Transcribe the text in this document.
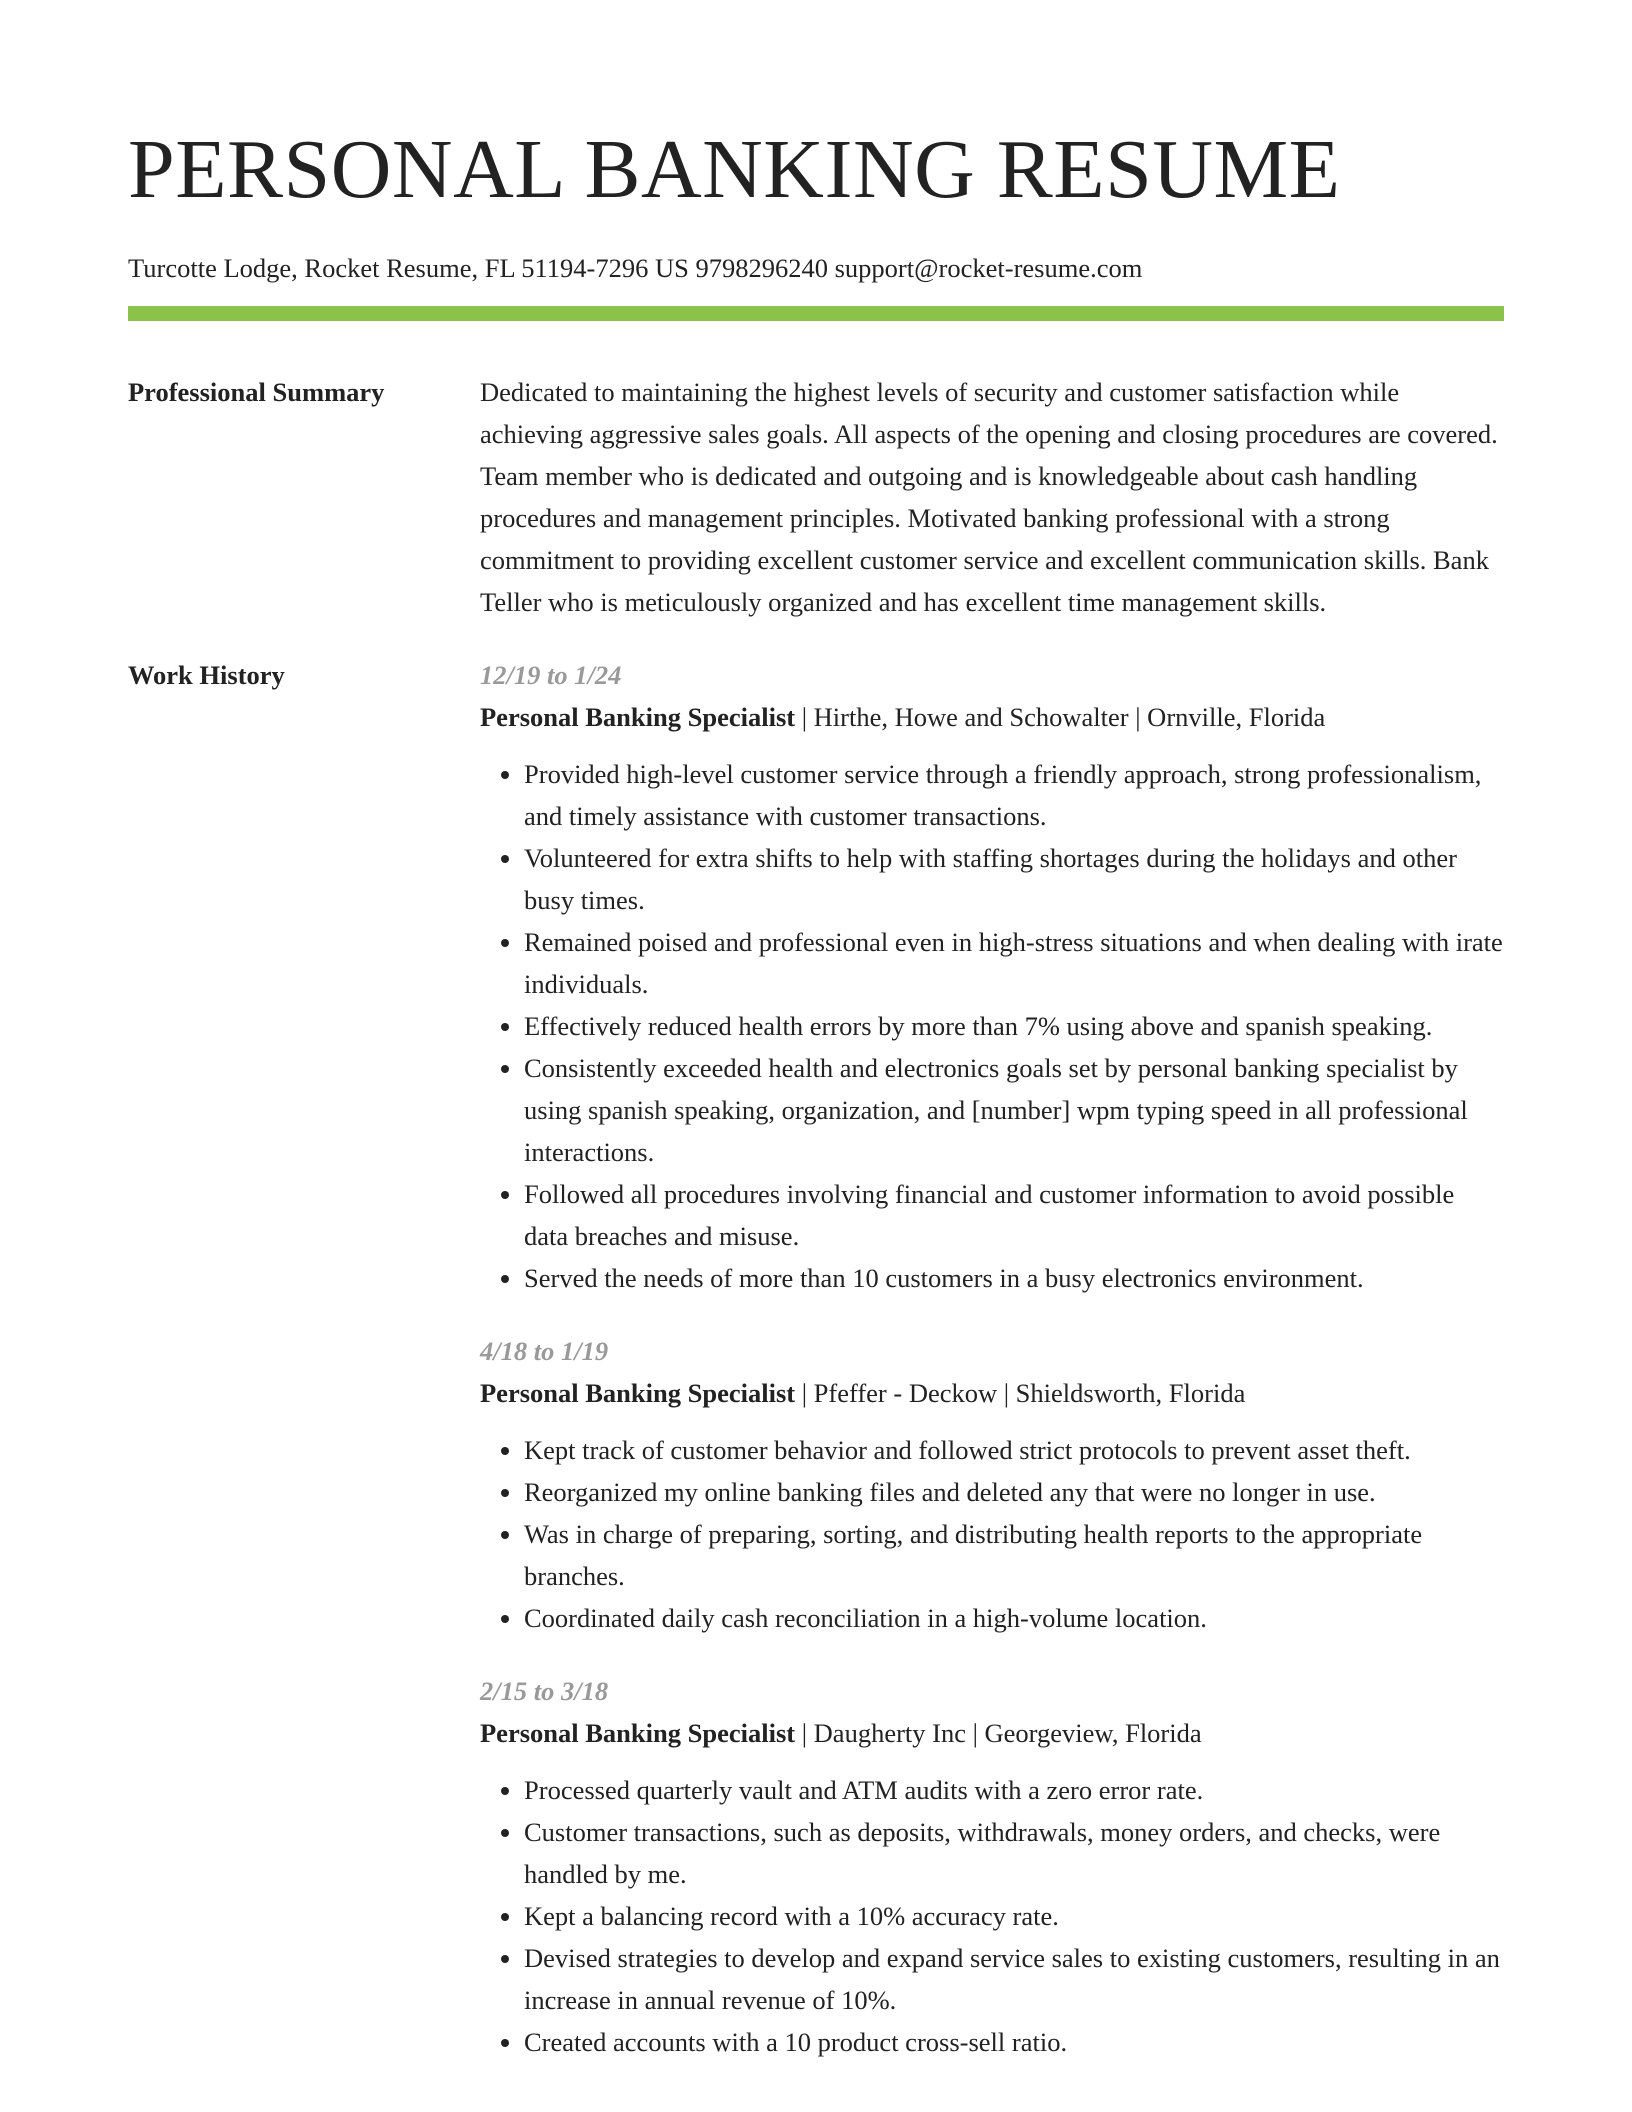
PERSONAL BANKING RESUME
Turcotte Lodge, Rocket Resume, FL 51194-7296 US 9798296240 support@rocket-resume.com
Professional Summary	Dedicated to maintaining the highest levels of security and customer satisfaction while achieving aggressive sales goals. All aspects of the opening and closing procedures are covered. Team member who is dedicated and outgoing and is knowledgeable about cash handling procedures and management principles. Motivated banking professional with a strong commitment to providing excellent customer service and excellent communication skills. Bank Teller who is meticulously organized and has excellent time management skills.

Work History	12/19 to 1/24
Personal Banking Specialist | Hirthe, Howe and Schowalter | Ornville, Florida
• Provided high-level customer service through a friendly approach, strong professionalism, and timely assistance with customer transactions.
• Volunteered for extra shifts to help with staffing shortages during the holidays and other busy times.
• Remained poised and professional even in high-stress situations and when dealing with irate individuals.
• Effectively reduced health errors by more than 7% using above and spanish speaking.
• Consistently exceeded health and electronics goals set by personal banking specialist by using spanish speaking, organization, and [number] wpm typing speed in all professional interactions.
• Followed all procedures involving financial and customer information to avoid possible data breaches and misuse.
• Served the needs of more than 10 customers in a busy electronics environment.
4/18 to 1/19
Personal Banking Specialist | Pfeffer - Deckow | Shieldsworth, Florida
• Kept track of customer behavior and followed strict protocols to prevent asset theft.
• Reorganized my online banking files and deleted any that were no longer in use.
• Was in charge of preparing, sorting, and distributing health reports to the appropriate branches.
• Coordinated daily cash reconciliation in a high-volume location.
2/15 to 3/18
Personal Banking Specialist | Daugherty Inc | Georgeview, Florida
• Processed quarterly vault and ATM audits with a zero error rate.
• Customer transactions, such as deposits, withdrawals, money orders, and checks, were handled by me.
• Kept a balancing record with a 10% accuracy rate.
• Devised strategies to develop and expand service sales to existing customers, resulting in an increase in annual revenue of 10%.
• Created accounts with a 10 product cross-sell ratio.
